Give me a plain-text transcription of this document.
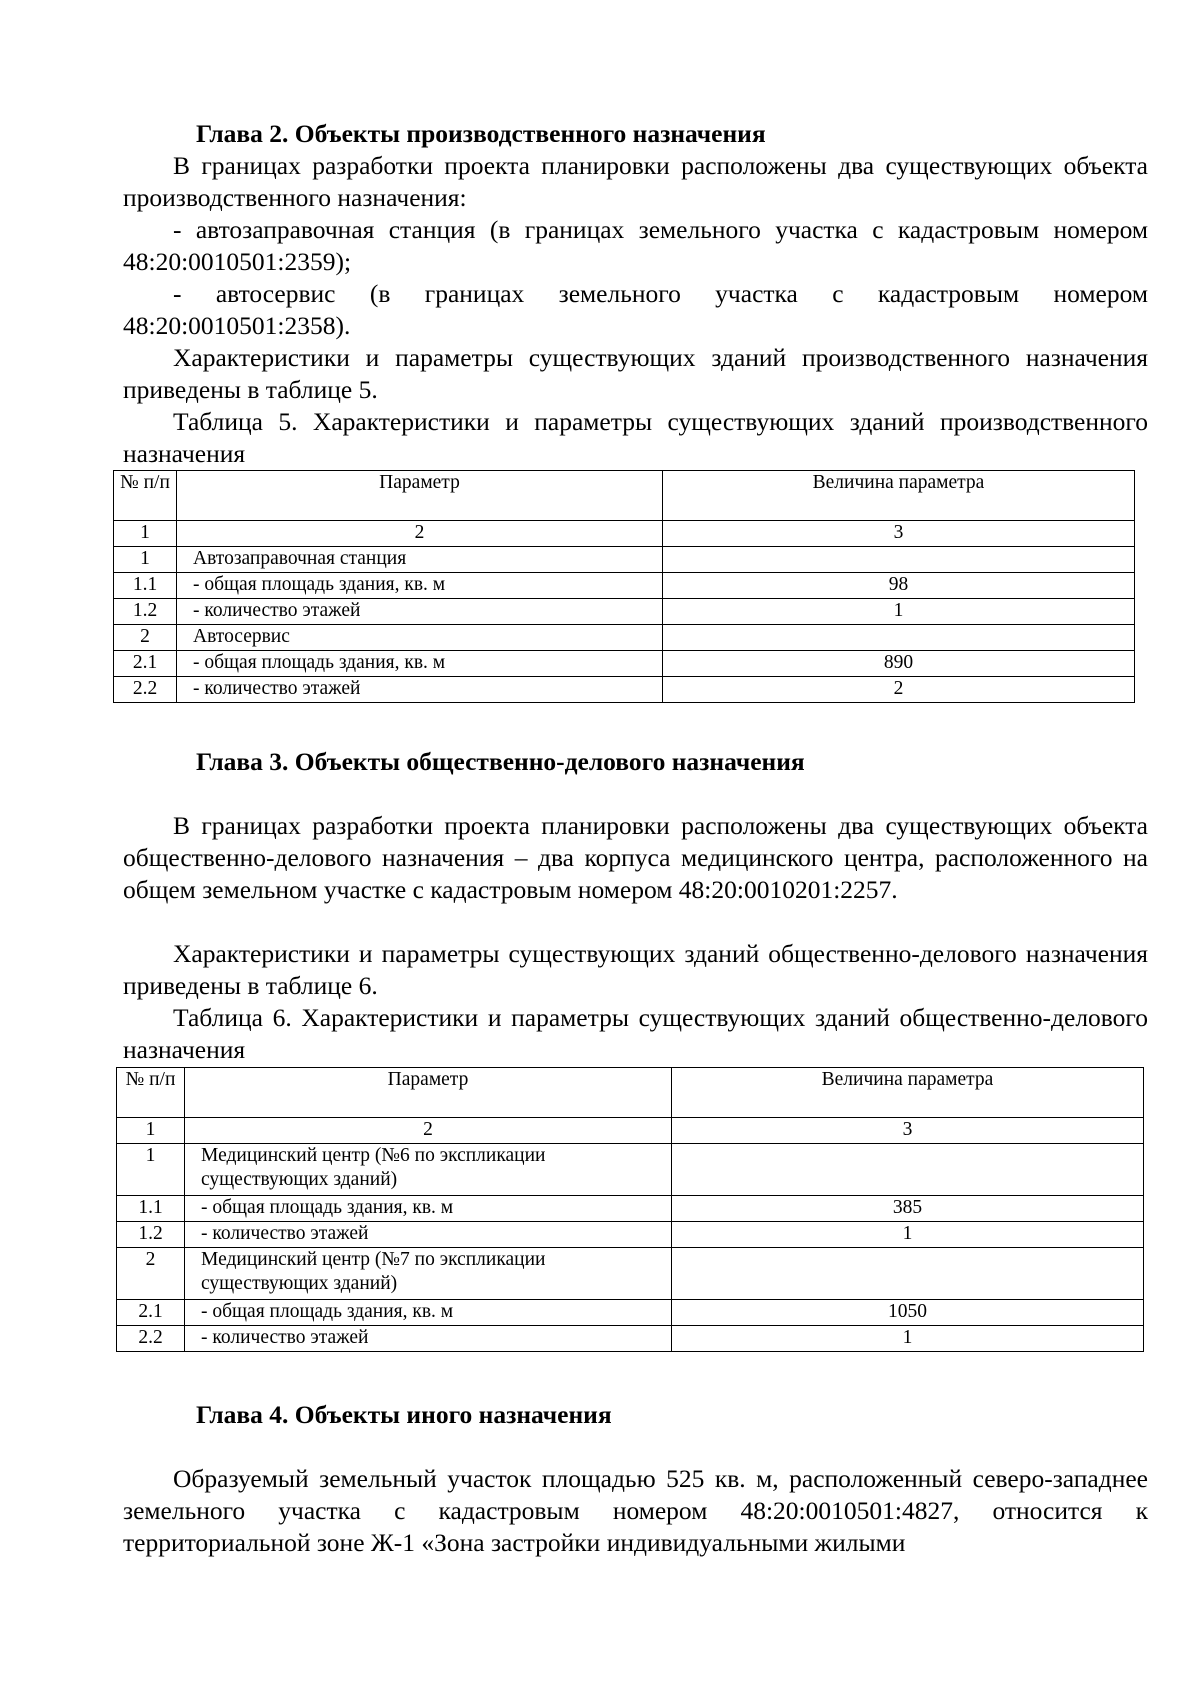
Глава 2. Объекты производственного назначения

В границах разработки проекта планировки расположены два существующих объекта производственного назначения:

- автозаправочная станция (в границах земельного участка с кадастровым номером 48:20:0010501:2359);

- автосервис (в границах земельного участка с кадастровым номером 48:20:0010501:2358).

Характеристики и параметры существующих зданий производственного назначения приведены в таблице 5.

Таблица 5. Характеристики и параметры существующих зданий производственного назначения

№ п/п	Параметр	Величина параметра
1	2	3
1	Автозаправочная станция	
1.1	- общая площадь здания, кв. м	98
1.2	- количество этажей	1
2	Автосервис	
2.1	- общая площадь здания, кв. м	890
2.2	- количество этажей	2
Глава 3. Объекты общественно-делового назначения

В границах разработки проекта планировки расположены два существующих объекта общественно-делового назначения – два корпуса медицинского центра, расположенного на общем земельном участке с кадастровым номером 48:20:0010201:2257.

Характеристики и параметры существующих зданий общественно-делового назначения приведены в таблице 6.

Таблица 6. Характеристики и параметры существующих зданий общественно-делового назначения

№ п/п	Параметр	Величина параметра
1	2	3
1	Медицинский центр (№6 по экспликации существующих зданий)	
1.1	- общая площадь здания, кв. м	385
1.2	- количество этажей	1
2	Медицинский центр (№7 по экспликации существующих зданий)	
2.1	- общая площадь здания, кв. м	1050
2.2	- количество этажей	1
Глава 4. Объекты иного назначения

Образуемый земельный участок площадью 525 кв. м, расположенный северо-западнее земельного участка с кадастровым номером 48:20:0010501:4827, относится к территориальной зоне Ж-1 «Зона застройки индивидуальными жилыми
